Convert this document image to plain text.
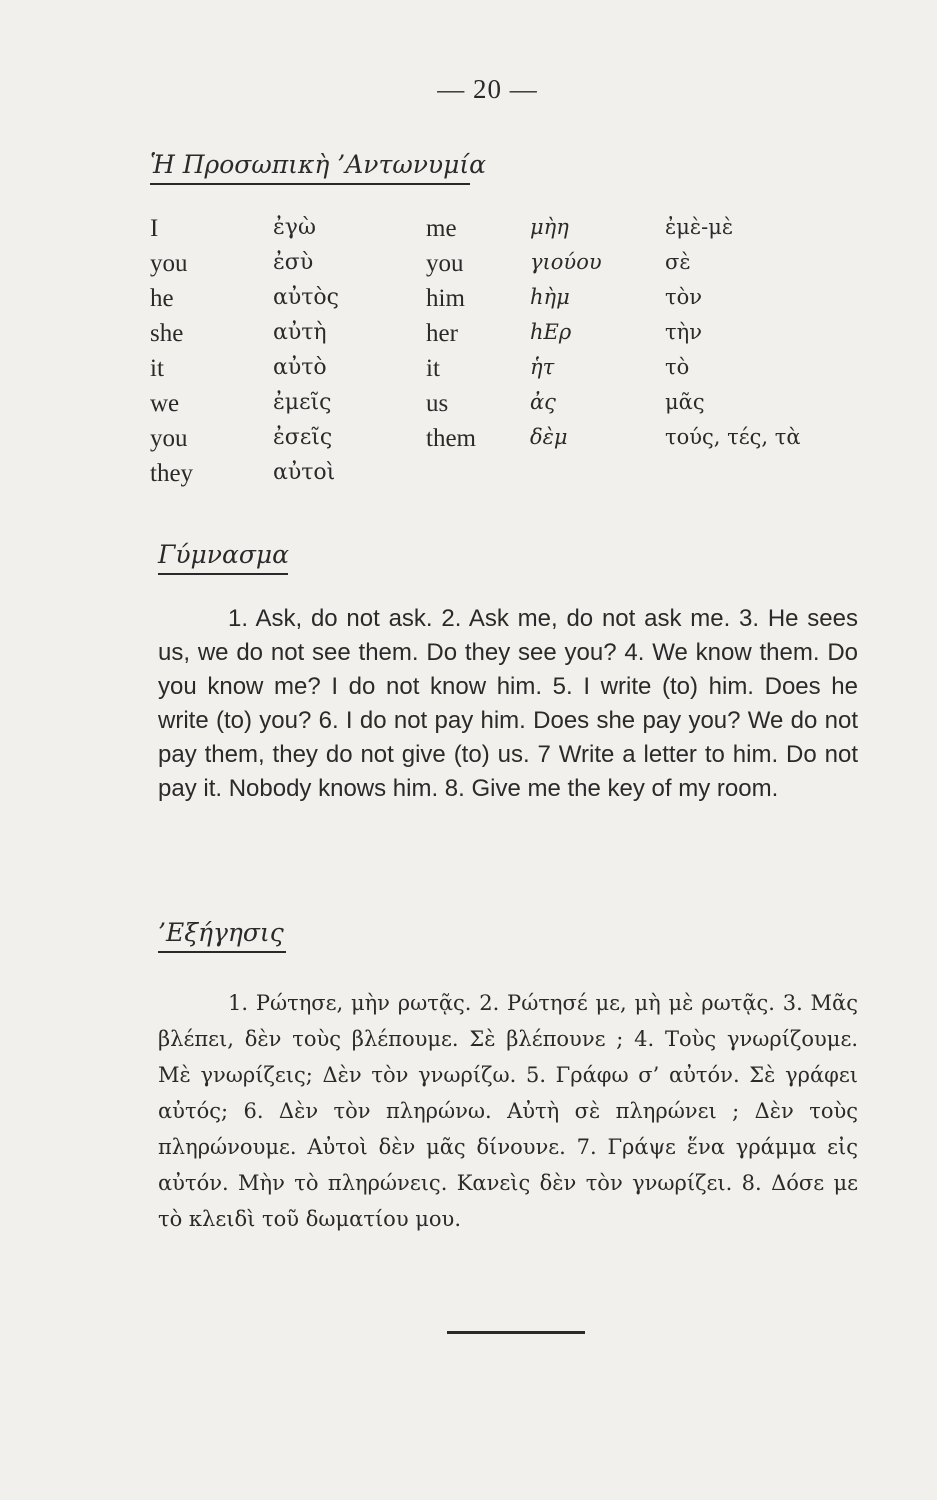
— 20 —
Ἡ Προσωπικὴ ’Αντωνυμία
I	ἐγὼ	me	μὴη	ἐμὲ-μὲ
you	ἐσὺ	you	γιούου	σὲ
he	αὐτὸς	him	hὴμ	τὸν
she	αὐτὴ	her	hΕρ	τὴν
it	αὐτὸ	it	ἡτ	τὸ
we	ἐμεῖς	us	ἀς	μᾶς
you	ἐσεῖς	them	δὲμ	τούς, τές, τὰ
they	αὐτοὶ
Γύμνασμα
1. Ask, do not ask. 2. Ask me, do not ask me. 3. He sees us, we do not see them. Do they see you? 4. We know them. Do you know me? I do not know him. 5. I write (to) him. Does he write (to) you? 6. I do not pay him. Does she pay you? We do not pay them, they do not give (to) us. 7 Write a letter to him. Do not pay it. Nobody knows him. 8. Give me the key of my room.
’Εξήγησις
1. Ρώτησε, μὴν ρωτᾷς. 2. Ρώτησέ με, μὴ μὲ ρωτᾷς. 3. Μᾶς βλέπει, δὲν τοὺς βλέπουμε. Σὲ βλέπουνε ; 4. Τοὺς γνωρίζουμε. Μὲ γνωρίζεις; Δὲν τὸν γνωρίζω. 5. Γράφω σ’ αὐτόν. Σὲ γράφει αὐτός; 6. Δὲν τὸν πληρώνω. Αὐτὴ σὲ πληρώνει ; Δὲν τοὺς πληρώνουμε. Αὐτοὶ δὲν μᾶς δίνουνε. 7. Γράψε ἕνα γράμμα εἰς αὐτόν. Μὴν τὸ πληρώνεις. Κανεὶς δὲν τὸν γνωρίζει. 8. Δόσε με τὸ κλειδὶ τοῦ δωματίου μου.
